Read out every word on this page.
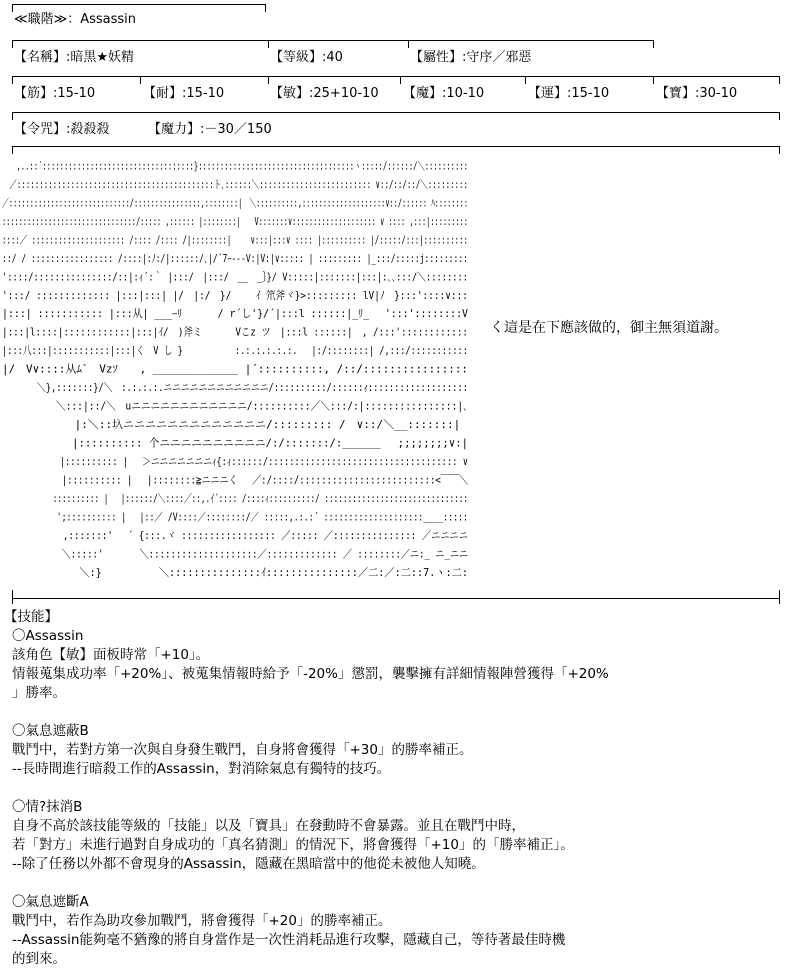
≪職階≫：Assassin
【名稱】:暗黒★妖精	【等級】:40	【屬性】:守序／邪惡
【筋】:15-10	【耐】:15-10	【敏】:25+10-10 【魔】:10-10	【運】:15-10	【寶】:30-10
【令咒】:殺殺殺	【魔力】:－30／150
　　,..::´:::::::::::::::::::::::::::::::::::}::::::::::::::::::::::::::::::::::::ヽ:::::/::::::/＼::::::::::
　／::::::::::::::::::::::::::::::::::::::::::::ト､::::::＼::::::::::::::::::::::::: ∨::/::/::/＼:::::::::
／:::::::::::::::::::::::::::::/::::::::::::::::,::::::::|　＼::::::::::,::::::::::::::::::::∨::/:::::: ﾊ::::::::
::::::::::::::::::::::::::::::::/::::: ,:::::: |::::::::|　　V:::::::∨:::::::::::::::::::: ∨ :::: ,:::|:::::::::
::::／ ::::::::::::::::::::: /:::: /:::: /|::::::::|　　 ∨:::|:::∨ :::: |:::::::::: |/:::::/:::|::::::::::
::/ / ::::::::::::::::: /::::|:ﾉ:/|::::::/､|/´7ｰ‐‐‐V:|V:|∨::::: | ::::::::: |_:::/:::::j:::::::::
'::::/:::::::::::::::/::|:ｨ´:｀ |:::/　|:::/　__　_｝}/ V:::::|:::::::|:::|:､､:::/＼::::::::
':::/ ::::::::::::: |:::|:::| |/　|:/　}/　　 ｲ 笊斧ヾ}>::::::::: lV|ﾉ　}:::'::::∨:::
|:::| ::::::::::: |:::从| ___ｰﾘ　　　 / r´し'}/´|:::l ::::::|_ﾘ_　 ':::'::::::::V
|:::|l::::|::::::::::::|:::|ｲ/　)斧ミ　　　 Vこz ツ　|:::l ::::::|　, /:::'::::::::::::
|:::八:::|:::::::::::|:::|く　V し }　　　　　　:.:.:.:.:.:.　 |:/::::::::| /,:::/:::::::::::
|/　V∨::::从ﾑ`　Vzｿ　　, _____________ |´::::::::::, /::/::::::::::::::::
　　　　＼},:::::::}/＼　:.:.:.:.ニニニニニニニニニニニニ/::::::::::/::::::ｨ:::::::::::::::::::
　　　　　 ＼:::|::/＼　uニニニニニニニニニニニニ/::::::::::／＼:::/:|::::::::::::::::|､
　　　　　　 |:＼::圦ニニニニニニニニニニニニニ/::::::::: /　∨::/＼__:::::::|
　　　　　　 |:::::::::: 个ニニニニニニニニニニ/:/:::::::/:______　 ;;;;;;;;∨:|
　　　　　　 |:::::::::: |　 ＞ニニニニニニニｨ{:ｨ::::::/:::::::::::::::::::::::::::::::::::: ∨
　　　　　　 |:::::::::: |　 |::::::::≧ニニニく　 ／:/::::/:::::::::::::::::::::::::<￣￣＼
　　　　　　 :::::::::: |　 |::::::/＼::::／::,.ｲ´:::: /::::ｨ::::::::::/ :::::::::::::::::::::::::::::::
　　　　　　 ';:::::::::: |　 |::／ /V::::／::::::::/／ :::::,.:.:´ ::::::::::::::::::::____:::::
　　　　　　 ,:::::::'　 ´ {:::.ヾ ::::::::::::::::: ／::::: ／::::::::::::::: ／ニニニニ
　　　　　　 ＼:::::'　　　　＼::::::::::::::::::::／::::::::::::: ／ ::::::::／ニ:_ ニ_ニニ
　　　　　　　 ＼:}　　　　　 ＼:::::::::::::::ｲ:::::::::::::::／二:／:二::7.ヽ:二:
く這是在下應該做的，御主無須道謝。

【技能】

〇Assassin

該角色【敏】面板時常「+10」。

情報蒐集成功率「+20%」、被蒐集情報時給予「-20%」懲罰，襲擊擁有詳細情報陣營獲得「+20%

」勝率。

〇氣息遮蔽B

戰鬥中，若對方第一次與自身發生戰鬥，自身將會獲得「+30」的勝率補正。

--長時間進行暗殺工作的Assassin，對消除氣息有獨特的技巧。

〇情?抹消B

自身不高於該技能等級的「技能」以及「寶具」在發動時不會暴露。並且在戰鬥中時，

若「對方」未進行過對自身成功的「真名猜測」的情況下，將會獲得「+10」的「勝率補正」。

--除了任務以外都不會現身的Assassin，隱藏在黑暗當中的他從未被他人知曉。

〇氣息遮斷A

戰鬥中，若作為助攻參加戰鬥，將會獲得「+20」的勝率補正。

--Assassin能夠毫不猶豫的將自身當作是一次性消耗品進行攻擊，隱藏自己，等待著最佳時機

的到來。
